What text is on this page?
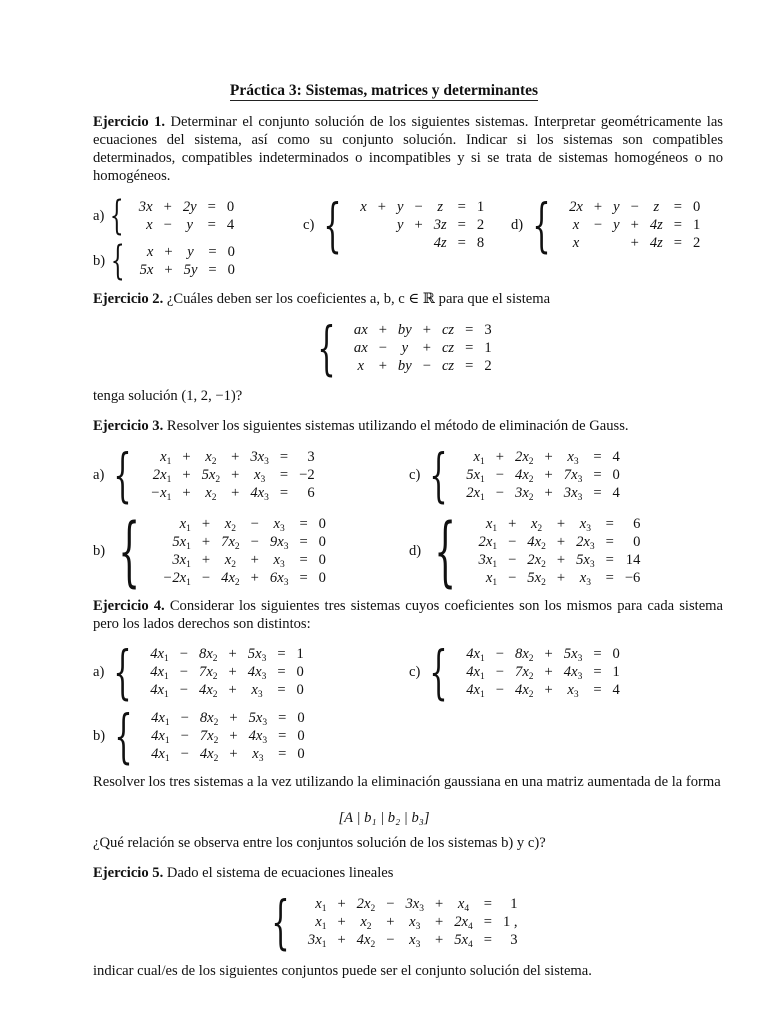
Práctica 3: Sistemas, matrices y determinantes
Ejercicio 1. Determinar el conjunto solución de los siguientes sistemas. Interpretar geométricamente las ecuaciones del sistema, así como su conjunto solución. Indicar si los sistemas son compatibles determinados, compatibles indeterminados o incompatibles y si se trata de sistemas homogéneos o no homogéneos.
a) { 3x	+	2y	=	0
x	−	y	=	4
b) { x	+	y	=	0
5x	+	5y	=	0
c) { x	+	y	−	z	=	1
		y	+	3z	=	2
				4z	=	8
d) { 2x	+	y	−	z	=	0
x	−	y	+	4z	=	1
x			+	4z	=	2
Ejercicio 2. ¿Cuáles deben ser los coeficientes a, b, c ∈ ℝ para que el sistema
{ ax	+	by	+	cz	=	3
ax	−	y	+	cz	=	1
x	+	by	−	cz	=	2
tenga solución (1, 2, −1)?
Ejercicio 3. Resolver los siguientes sistemas utilizando el método de eliminación de Gauss.
a) { $x_1$	+	$x_2$	+	$3x_3$	=	3
$2x_1$	+	$5x_2$	+	$x_3$	=	−2
$-x_1$	+	$x_2$	+	$4x_3$	=	6
c) { $x_1$	+	$2x_2$	+	$x_3$	=	4
$5x_1$	−	$4x_2$	+	$7x_3$	=	0
$2x_1$	−	$3x_2$	+	$3x_3$	=	4
b) {	$x_1$	+	$x_2$	−	$x_3$	=	0
$5x_1$	+	$7x_2$	−	$9x_3$	=	0
$3x_1$	+	$x_2$	+	$x_3$	=	0
$-2x_1$	−	$4x_2$	+	$6x_3$	=	0
d) { $x_1$	+	$x_2$	+	$x_3$	=	6
$2x_1$	−	$4x_2$	+	$2x_3$	=	0
$3x_1$	−	$2x_2$	+	$5x_3$	=	14
$x_1$	−	$5x_2$	+	$x_3$	=	−6
Ejercicio 4. Considerar los siguientes tres sistemas cuyos coeficientes son los mismos para cada sistema pero los lados derechos son distintos:
a) { $4x_1$	−	$8x_2$	+	$5x_3$	=	1
$4x_1$	−	$7x_2$	+	$4x_3$	=	0
$4x_1$	−	$4x_2$	+	$x_3$	=	0
c) { $4x_1$	−	$8x_2$	+	$5x_3$	=	0
$4x_1$	−	$7x_2$	+	$4x_3$	=	1
$4x_1$	−	$4x_2$	+	$x_3$	=	4
b) { $4x_1$	−	$8x_2$	+	$5x_3$	=	0
$4x_1$	−	$7x_2$	+	$4x_3$	=	0
$4x_1$	−	$4x_2$	+	$x_3$	=	0
Resolver los tres sistemas a la vez utilizando la eliminación gaussiana en una matriz aumentada de la forma
[A | b₁ | b₂ | b₃]
¿Qué relación se observa entre los conjuntos solución de los sistemas b) y c)?
Ejercicio 5. Dado el sistema de ecuaciones lineales
{ $x_1$	+	$2x_2$	−	$3x_3$	+	$x_4$	=	1
$x_1$	+	$x_2$	+	$x_3$	+	$2x_4$	=	1 ,
$3x_1$	+	$4x_2$	−	$x_3$	+	$5x_4$	=	3
indicar cual/es de los siguientes conjuntos puede ser el conjunto solución del sistema.
